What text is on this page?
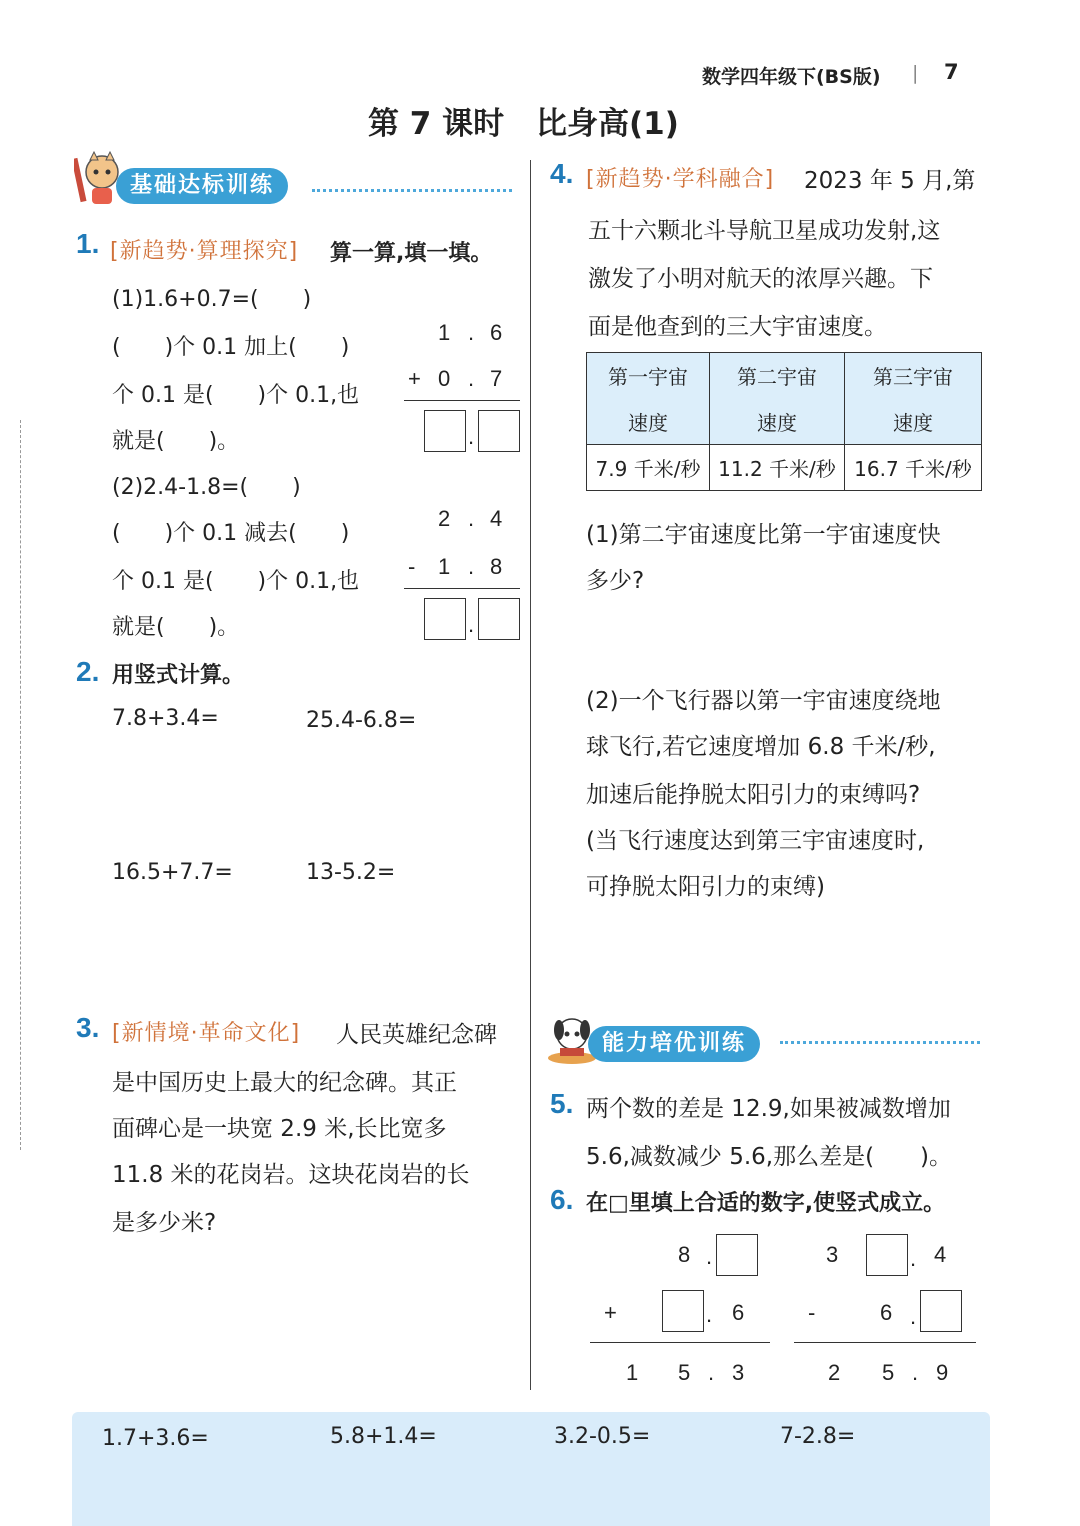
数学四年级下(BS版) | 7
第 7 课时 比身高(1)
基础达标训练
1. [新趋势·算理探究] 算一算,填一填。
(1)1.6+0.7=(　　)
(　　)个 0.1 加上(　　)
个 0.1 是(　　)个 0.1,也
就是(　　)。
1 . 6
+ 0 . 7
.
(2)2.4-1.8=(　　)
(　　)个 0.1 减去(　　)
个 0.1 是(　　)个 0.1,也
就是(　　)。
2 . 4
- 1 . 8
.
2. 用竖式计算。
7.8+3.4=	25.4-6.8=
16.5+7.7=	13-5.2=
3. [新情境·革命文化] 人民英雄纪念碑
是中国历史上最大的纪念碑。其正
面碑心是一块宽 2.9 米,长比宽多
11.8 米的花岗岩。这块花岗岩的长
是多少米?
4. [新趋势·学科融合] 2023 年 5 月,第
五十六颗北斗导航卫星成功发射,这
激发了小明对航天的浓厚兴趣。下
面是他查到的三大宇宙速度。
第一宇宙	第二宇宙	第三宇宙
速度	速度	速度
7.9 千米/秒	11.2 千米/秒	16.7 千米/秒
(1)第二宇宙速度比第一宇宙速度快
多少?
(2)一个飞行器以第一宇宙速度绕地
球飞行,若它速度增加 6.8 千米/秒,
加速后能挣脱太阳引力的束缚吗?
(当飞行速度达到第三宇宙速度时,
可挣脱太阳引力的束缚)
能力培优训练
5. 两个数的差是 12.9,如果被减数增加
5.6,减数减少 5.6,那么差是(　　)。
6. 在□里填上合适的数字,使竖式成立。
8 .
+	. 6
1 5 . 3
3	. 4
-	6 .
2 5 . 9
1.7+3.6=	5.8+1.4=	3.2-0.5=	7-2.8=
